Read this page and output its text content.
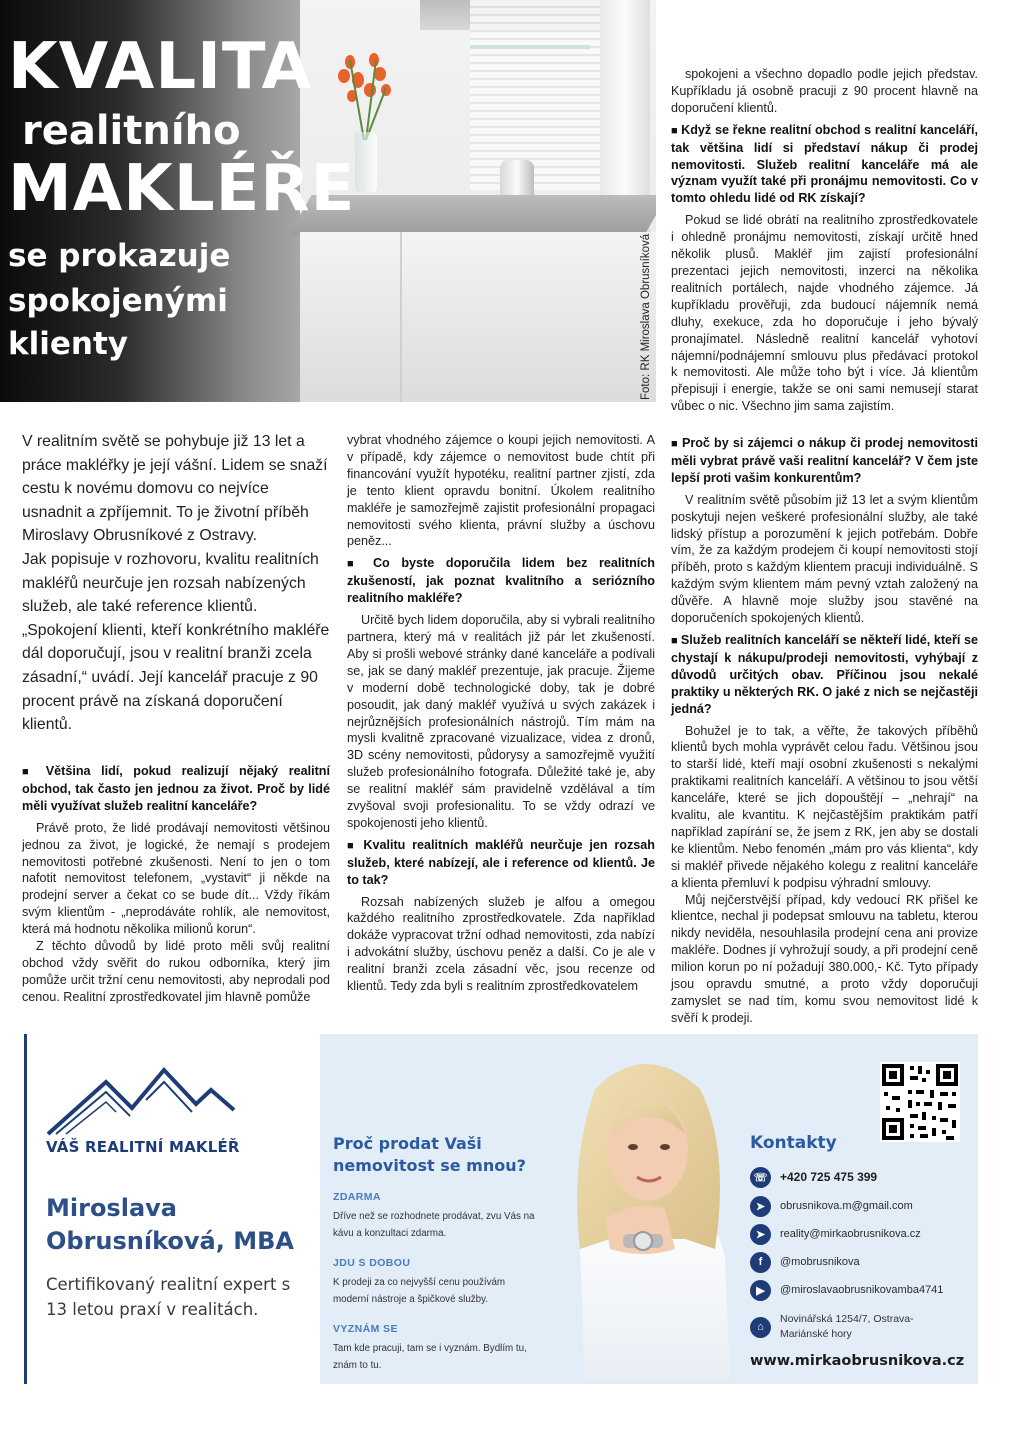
KVALITA
realitního
MAKLÉŘE
se prokazuje
spokojenými
klienty	Foto: RK Miroslava Obrusníková

spokojeni a všechno dopadlo podle jejich představ. Kupříkladu já osobně pracuji z 90 procent hlavně na doporučení klientů.

■ Když se řekne realitní obchod s realitní kanceláří, tak většina lidí si představí nákup či prodej nemovitosti. Služeb realitní kanceláře má ale význam využít také při pronájmu nemovitosti. Co v tomto ohledu lidé od RK získají?

Pokud se lidé obrátí na realitního zprostředkovatele i ohledně pronájmu nemovitosti, získají určitě hned několik plusů. Makléř jim zajistí profesionální prezentaci jejich nemovitosti, inzerci na několika realitních portálech, najde vhodného zájemce. Já kupříkladu prověřuji, zda budoucí nájemník nemá dluhy, exekuce, zda ho doporučuje i jeho bývalý pronajímatel. Následně realitní kancelář vyhotoví nájemní/podnájemní smlouvu plus předávací protokol k nemovitosti. Ale může toho být i více. Já klientům přepisuji i energie, takže se oni sami nemusejí starat vůbec o nic. Všechno jim sama zajistím.

V realitním světě se pohybuje již 13 let a práce makléřky je její vášní. Lidem se snaží cestu k novému domovu co nejvíce usnadnit a zpříjemnit. To je životní příběh Miroslavy Obrusníkové z Ostravy.

Jak popisuje v rozhovoru, kvalitu realitních makléřů neurčuje jen rozsah nabízených služeb, ale také reference klientů. „Spokojení klienti, kteří konkrétního makléře dál doporučují, jsou v realitní branži zcela zásadní,“ uvádí. Její kancelář pracuje z 90 procent právě na získaná doporučení klientů.

■ Většina lidí, pokud realizují nějaký realitní obchod, tak často jen jednou za život. Proč by lidé měli využívat služeb realitní kanceláře?

Právě proto, že lidé prodávají nemovitosti většinou jednou za život, je logické, že nemají s prodejem nemovitosti potřebné zkušenosti. Není to jen o tom nafotit nemovitost telefonem, „vystavit“ ji někde na prodejní server a čekat co se bude dít... Vždy říkám svým klientům - „neprodáváte rohlík, ale nemovitost, která má hodnotu několika milionů korun“.

Z těchto důvodů by lidé proto měli svůj realitní obchod vždy svěřit do rukou odborníka, který jim pomůže určit tržní cenu nemovitosti, aby neprodali pod cenou. Realitní zprostředkovatel jim hlavně pomůže

vybrat vhodného zájemce o koupi jejich nemovitosti. A v případě, kdy zájemce o nemovitost bude chtít při financování využít hypotéku, realitní partner zjistí, zda je tento klient opravdu bonitní. Úkolem realitního makléře je samozřejmě zajistit profesionální propagaci nemovitosti svého klienta, právní služby a úschovu peněz...

■ Co byste doporučila lidem bez realitních zkušeností, jak poznat kvalitního a seriózního realitního makléře?

Určitě bych lidem doporučila, aby si vybrali realitního partnera, který má v realitách již pár let zkušeností. Aby si prošli webové stránky dané kanceláře a podívali se, jak se daný makléř prezentuje, jak pracuje. Žijeme v moderní době technologické doby, tak je dobré posoudit, jak daný makléř využívá u svých zakázek i nejrůznějších profesionálních nástrojů. Tím mám na mysli kvalitně zpracované vizualizace, videa z dronů, 3D scény nemovitosti, půdorysy a samozřejmě využití služeb profesionálního fotografa. Důležité také je, aby se realitní makléř sám pravidelně vzdělával a tím zvyšoval svoji profesionalitu. To se vždy odrazí ve spokojenosti jeho klientů.

■ Kvalitu realitních makléřů neurčuje jen rozsah služeb, které nabízejí, ale i reference od klientů. Je to tak?

Rozsah nabízených služeb je alfou a omegou každého realitního zprostředkovatele. Zda například dokáže vypracovat tržní odhad nemovitosti, zda nabízí i advokátní služby, úschovu peněz a další. Co je ale v realitní branži zcela zásadní věc, jsou recenze od klientů. Tedy zda byli s realitním zprostředkovatelem

■ Proč by si zájemci o nákup či prodej nemovitosti měli vybrat právě vaši realitní kancelář? V čem jste lepší proti vašim konkurentům?

V realitním světě působím již 13 let a svým klientům poskytuji nejen veškeré profesionální služby, ale také lidský přístup a porozumění k jejich potřebám. Dobře vím, že za každým prodejem či koupí nemovitosti stojí příběh, proto s každým klientem pracuji individuálně. S každým svým klientem mám pevný vztah založený na důvěře. A hlavně moje služby jsou stavěné na doporučeních spokojených klientů.

■ Služeb realitních kanceláří se někteří lidé, kteří se chystají k nákupu/prodeji nemovitosti, vyhýbají z důvodů určitých obav. Příčinou jsou nekalé praktiky u některých RK. O jaké z nich se nejčastěji jedná?

Bohužel je to tak, a věřte, že takových příběhů klientů bych mohla vyprávět celou řadu. Většinou jsou to starší lidé, kteří mají osobní zkušenosti s nekalými praktikami realitních kanceláří. A většinou to jsou větší kanceláře, které se jich dopouštějí – „nehrají“ na kvalitu, ale kvantitu. K nejčastějším praktikám patří například zapírání se, že jsem z RK, jen aby se dostali ke klientům. Nebo fenomén „mám pro vás klienta“, kdy si makléř přivede nějakého kolegu z realitní kanceláře a klienta přemluví k podpisu výhradní smlouvy.

Můj nejčerstvější případ, kdy vedoucí RK přišel ke klientce, nechal ji podepsat smlouvu na tabletu, kterou nikdy neviděla, nesouhlasila prodejní cena ani provize makléře. Dodnes jí vyhrožují soudy, a při prodejní ceně milion korun po ní požadují 380.000,- Kč. Tyto případy jsou opravdu smutné, a proto vždy doporučuji zamyslet se nad tím, komu svou nemovitost lidé k svěří k prodeji.

VÁŠ REALITNÍ MAKLÉŘ
Miroslava Obrusníková, MBA
Certifikovaný realitní expert s 13 letou praxí v realitách.
Proč prodat Vaši nemovitost se mnou?
ZDARMA
Dříve než se rozhodnete prodávat, zvu Vás na kávu a konzultaci zdarma.
JDU S DOBOU
K prodeji za co nejvyšší cenu používám moderní nástroje a špičkové služby.
VYZNÁM SE
Tam kde pracuji, tam se i vyznám. Bydlím tu, znám to tu.
Kontakty
☏	+420 725 475 399
➤	obrusnikova.m@gmail.com
➤	reality@mirkaobrusnikova.cz
f	@mobrusnikova
▶	@miroslavaobrusnikovamba4741
⌂
Novinářská 1254/7, Ostrava-Mariánské hory
www.mirkaobrusnikova.cz
